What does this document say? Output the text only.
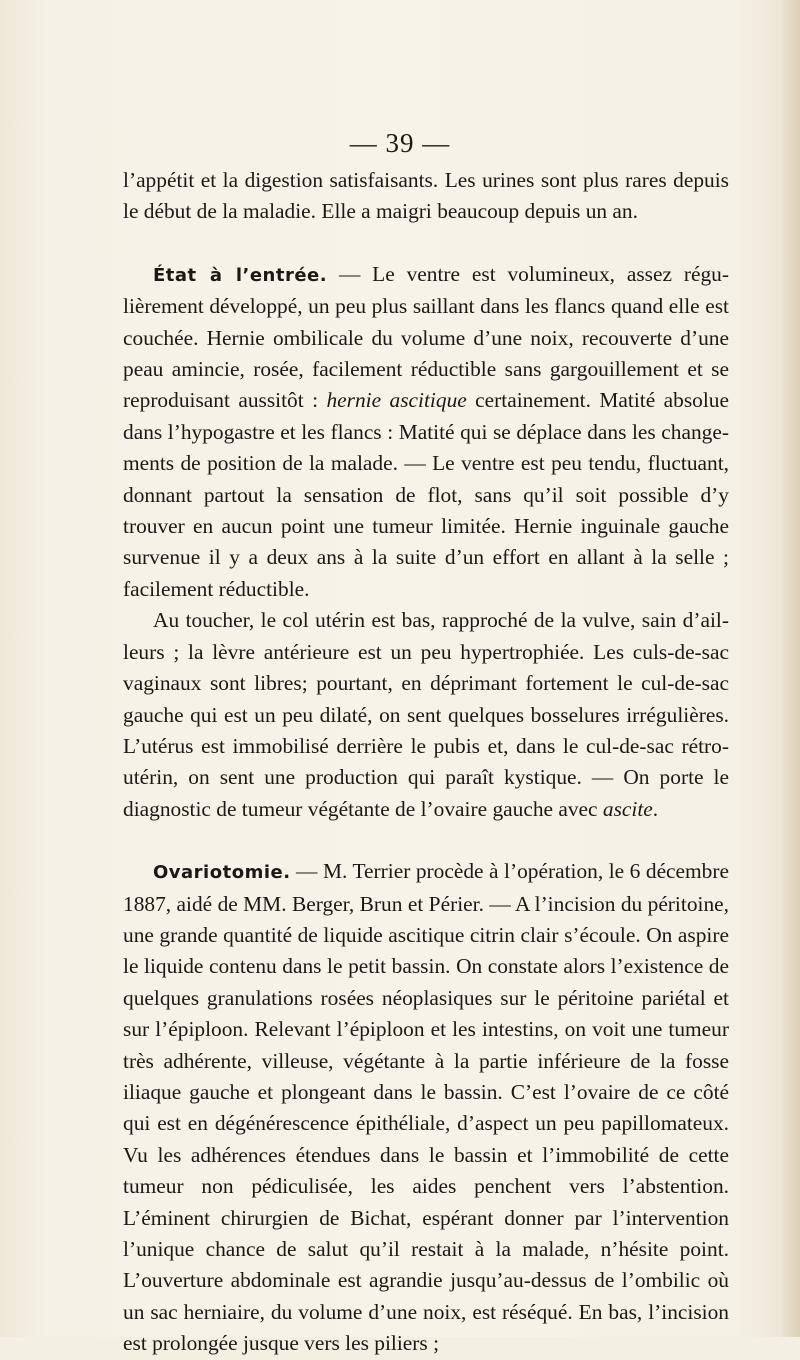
— 39 —

l’appétit et la digestion satisfaisants. Les urines sont plus rares depuis le début de la maladie. Elle a maigri beaucoup depuis un an.

État à l’entrée. — Le ventre est volumineux, assez régulièrement développé, un peu plus saillant dans les flancs quand elle est couchée. Hernie ombilicale du volume d’une noix, recouverte d’une peau amincie, rosée, facilement réductible sans gargouillement et se reproduisant aussitôt : hernie ascitique certainement. Matité absolue dans l’hypogastre et les flancs : Matité qui se déplace dans les changements de position de la malade. — Le ventre est peu tendu, fluctuant, donnant partout la sensation de flot, sans qu’il soit possible d’y trouver en aucun point une tumeur limitée. Hernie inguinale gauche survenue il y a deux ans à la suite d’un effort en allant à la selle ; facilement réductible.

Au toucher, le col utérin est bas, rapproché de la vulve, sain d’ailleurs ; la lèvre antérieure est un peu hypertrophiée. Les culs-de-sac vaginaux sont libres; pourtant, en déprimant fortement le cul-de-sac gauche qui est un peu dilaté, on sent quelques bosselures irrégulières. L’utérus est immobilisé derrière le pubis et, dans le cul-de-sac rétro-utérin, on sent une production qui paraît kystique. — On porte le diagnostic de tumeur végétante de l’ovaire gauche avec ascite.

Ovariotomie. — M. Terrier procède à l’opération, le 6 décembre 1887, aidé de MM. Berger, Brun et Périer. — A l’incision du péritoine, une grande quantité de liquide ascitique citrin clair s’écoule. On aspire le liquide contenu dans le petit bassin. On constate alors l’existence de quelques granulations rosées néoplasiques sur le péritoine pariétal et sur l’épiploon. Relevant l’épiploon et les intestins, on voit une tumeur très adhérente, villeuse, végétante à la partie inférieure de la fosse iliaque gauche et plongeant dans le bassin. C’est l’ovaire de ce côté qui est en dégénérescence épithéliale, d’aspect un peu papillomateux. Vu les adhérences étendues dans le bassin et l’immobilité de cette tumeur non pédiculisée, les aides penchent vers l’abstention. L’éminent chirurgien de Bichat, espérant donner par l’intervention l’unique chance de salut qu’il restait à la malade, n’hésite point. L’ouverture abdominale est agrandie jusqu’au-dessus de l’ombilic où un sac herniaire, du volume d’une noix, est réséqué. En bas, l’incision est prolongée jusque vers les piliers ;
